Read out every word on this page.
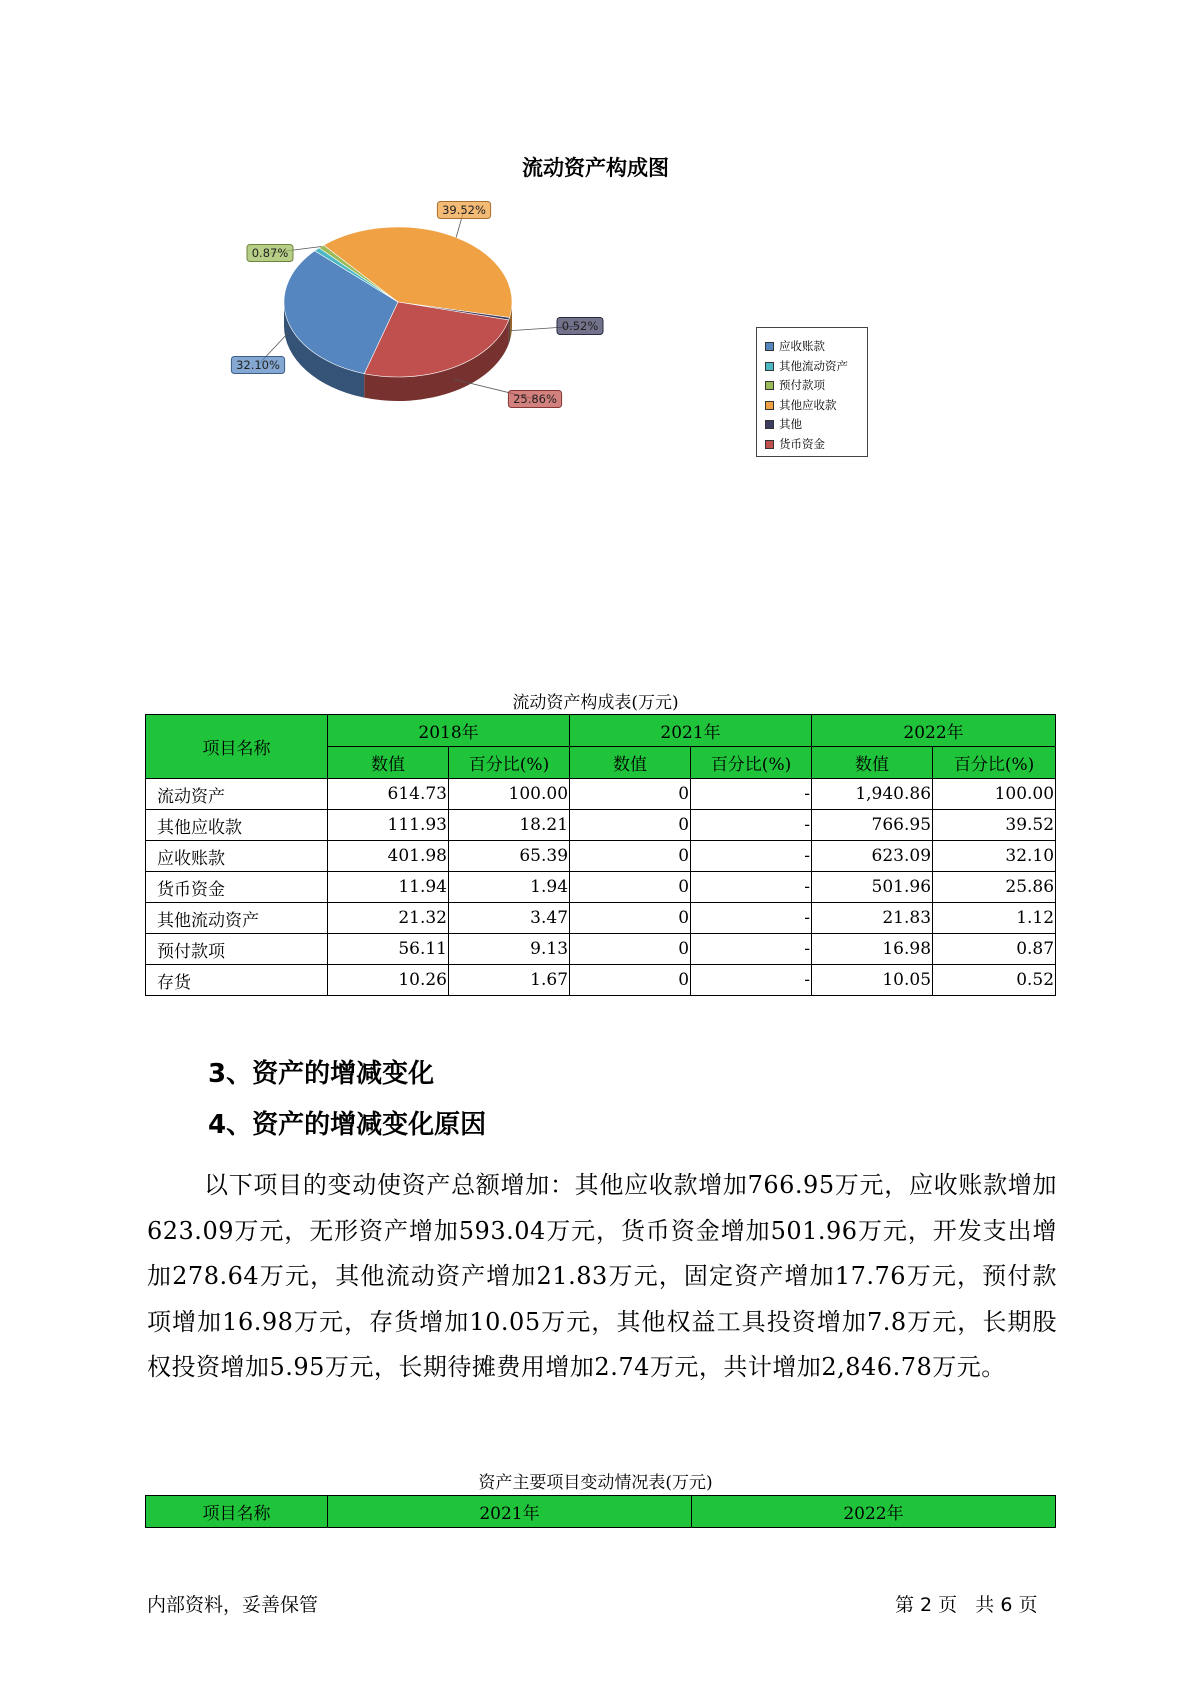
流动资产构成图
32.10%
0.87%
39.52%
0.52%
25.86%
应收账款
其他流动资产
预付款项
其他应收款
其他
货币资金
流动资产构成表(万元)
项目名称	2018年		2021年		2022年	
	数值	百分比(%)	数值	百分比(%)	数值	百分比(%)
流动资产	614.73	100.00	0	-	1,940.86	100.00
其他应收款	111.93	18.21	0	-	766.95	39.52
应收账款	401.98	65.39	0	-	623.09	32.10
货币资金	11.94	1.94	0	-	501.96	25.86
其他流动资产	21.32	3.47	0	-	21.83	1.12
预付款项	56.11	9.13	0	-	16.98	0.87
存货	10.26	1.67	0	-	10.05	0.52
3、资产的增减变化
4、资产的增减变化原因
以下项目的变动使资产总额增加：其他应收款增加766.95万元，应收账款增加623.09万元，无形资产增加593.04万元，货币资金增加501.96万元，开发支出增加278.64万元，其他流动资产增加21.83万元，固定资产增加17.76万元，预付款项增加16.98万元，存货增加10.05万元，其他权益工具投资增加7.8万元，长期股权投资增加5.95万元，长期待摊费用增加2.74万元，共计增加2,846.78万元。
资产主要项目变动情况表(万元)
项目名称	2021年	2022年
内部资料，妥善保管	第 2 页   共 6 页
